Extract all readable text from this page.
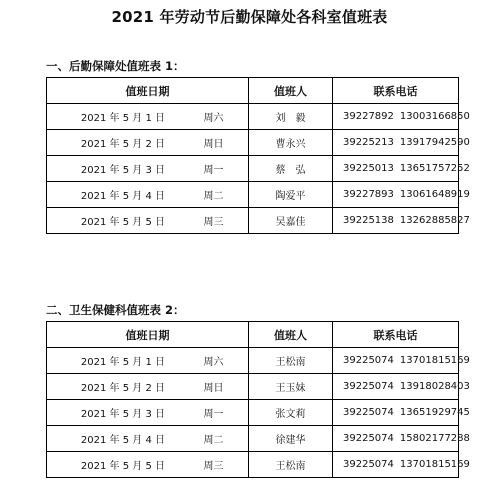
2021 年劳动节后勤保障处各科室值班表
一、后勤保障处值班表 1：
值班日期	值班人	联系电话

2021 年 5 月 1 日 周六	刘　毅	39227892 13003166850

2021 年 5 月 2 日 周日	曹永兴	39225213 13917942590

2021 年 5 月 3 日 周一	蔡　弘	39225013 13651757252

2021 年 5 月 4 日 周二	陶爱平	39227893 13061648919

2021 年 5 月 5 日 周三	吴嘉佳	39225138 13262885827
二、卫生保健科值班表 2：
值班日期	值班人	联系电话

2021 年 5 月 1 日 周六	王松南	39225074 13701815169

2021 年 5 月 2 日 周日	王玉妹	39225074 13918028403

2021 年 5 月 3 日 周一	张文莉	39225074 13651929745

2021 年 5 月 4 日 周二	徐建华	39225074 15802177288

2021 年 5 月 5 日 周三	王松南	39225074 13701815169
